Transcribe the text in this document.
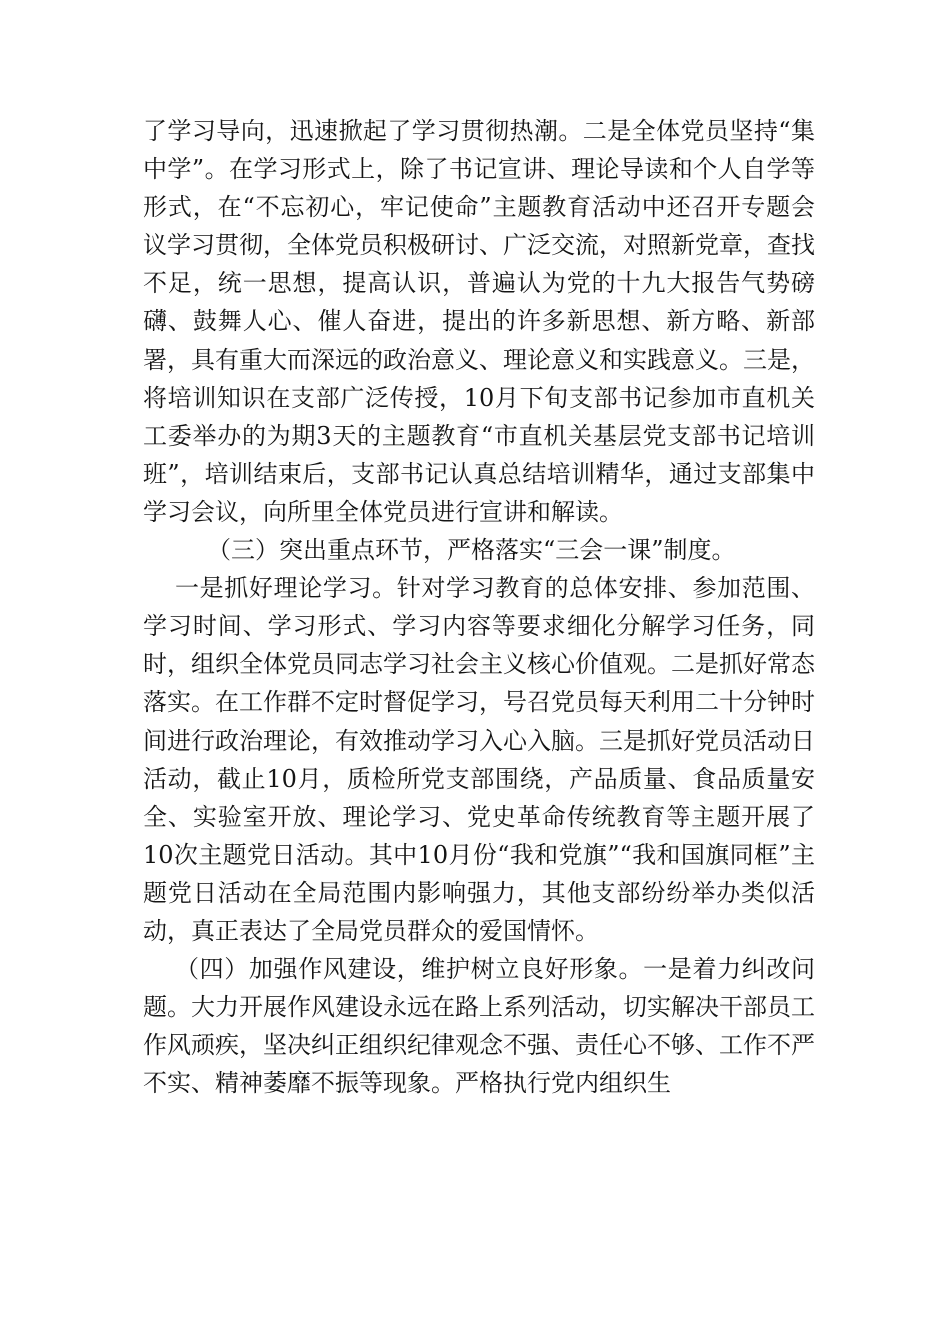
了学习导向，迅速掀起了学习贯彻热潮。二是全体党员坚持“集中学”。在学习形式上，除了书记宣讲、理论导读和个人自学等形式，在“不忘初心，牢记使命”主题教育活动中还召开专题会议学习贯彻，全体党员积极研讨、广泛交流，对照新党章，查找不足，统一思想，提高认识，普遍认为党的十九大报告气势磅礴、鼓舞人心、催人奋进，提出的许多新思想、新方略、新部署，具有重大而深远的政治意义、理论意义和实践意义。三是，将培训知识在支部广泛传授，10月下旬支部书记参加市直机关工委举办的为期3天的主题教育“市直机关基层党支部书记培训班”，培训结束后，支部书记认真总结培训精华，通过支部集中学习会议，向所里全体党员进行宣讲和解读。

（三）突出重点环节，严格落实“三会一课”制度。

一是抓好理论学习。针对学习教育的总体安排、参加范围、学习时间、学习形式、学习内容等要求细化分解学习任务，同时，组织全体党员同志学习社会主义核心价值观。二是抓好常态落实。在工作群不定时督促学习，号召党员每天利用二十分钟时间进行政治理论，有效推动学习入心入脑。三是抓好党员活动日活动，截止10月，质检所党支部围绕，产品质量、食品质量安全、实验室开放、理论学习、党史革命传统教育等主题开展了10次主题党日活动。其中10月份“我和党旗”“我和国旗同框”主题党日活动在全局范围内影响强力，其他支部纷纷举办类似活动，真正表达了全局党员群众的爱国情怀。

（四）加强作风建设，维护树立良好形象。一是着力纠改问题。大力开展作风建设永远在路上系列活动，切实解决干部员工作风顽疾，坚决纠正组织纪律观念不强、责任心不够、工作不严不实、精神萎靡不振等现象。严格执行党内组织生
